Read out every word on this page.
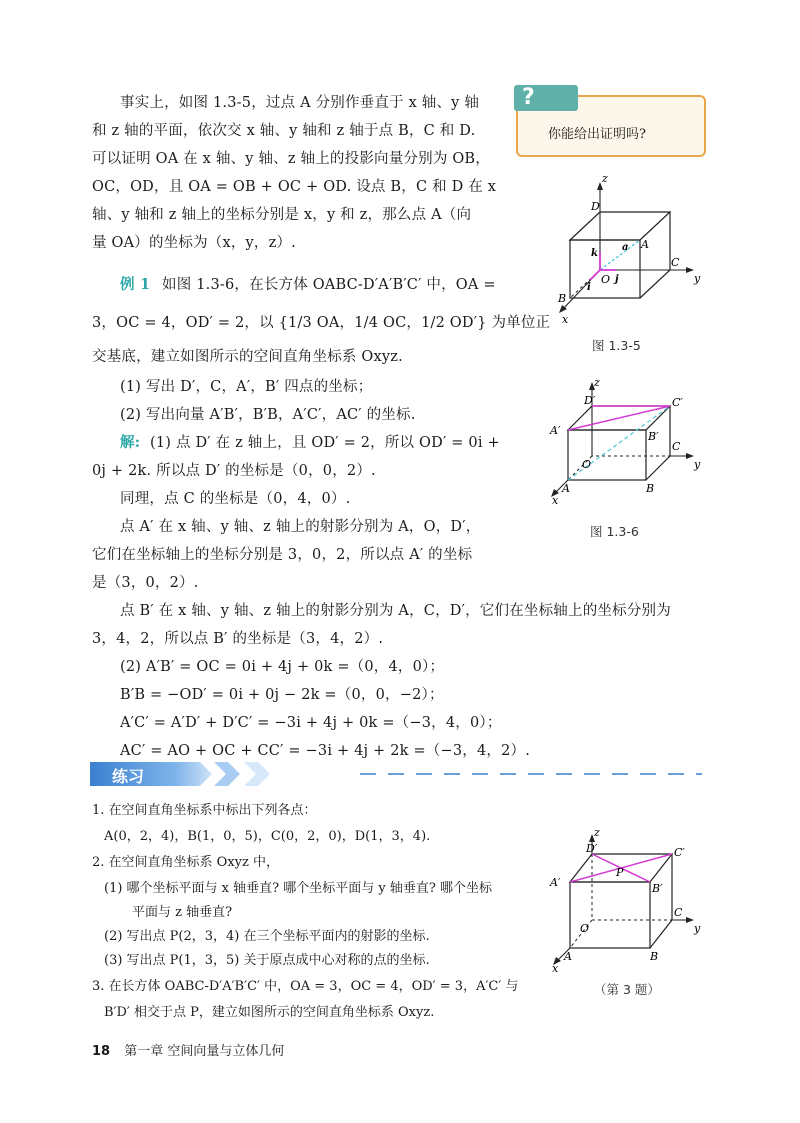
事实上，如图 1.3-5，过点 A 分别作垂直于 x 轴、y 轴
和 z 轴的平面，依次交 x 轴、y 轴和 z 轴于点 B，C 和 D.
可以证明 OA 在 x 轴、y 轴、z 轴上的投影向量分别为 OB，
OC，OD，且 OA = OB + OC + OD. 设点 B，C 和 D 在 x
轴、y 轴和 z 轴上的坐标分别是 x，y 和 z，那么点 A（向
量 OA）的坐标为（x，y，z）.
?
你能给出证明吗?
z
y
x
D
A
C
B
O
k
j
i
a
图 1.3-5
例 1 如图 1.3-6，在长方体 OABC-D′A′B′C′ 中，OA =
3，OC = 4，OD′ = 2，以 {1/3 OA，1/4 OC，1/2 OD′} 为单位正
交基底，建立如图所示的空间直角坐标系 Oxyz.
(1) 写出 D′，C，A′，B′ 四点的坐标；
(2) 写出向量 A′B′，B′B，A′C′，AC′ 的坐标.
z
y
x
D′
A′
C′
B′
C
O
A	B
图 1.3-6
解: (1) 点 D′ 在 z 轴上，且 OD′ = 2，所以 OD′ = 0i +
0j + 2k. 所以点 D′ 的坐标是（0，0，2）.
同理，点 C 的坐标是（0，4，0）.
点 A′ 在 x 轴、y 轴、z 轴上的射影分别为 A，O，D′，
它们在坐标轴上的坐标分别是 3，0，2，所以点 A′ 的坐标
是（3，0，2）.
点 B′ 在 x 轴、y 轴、z 轴上的射影分别为 A，C，D′，它们在坐标轴上的坐标分别为
3，4，2，所以点 B′ 的坐标是（3，4，2）.
(2) A′B′ = OC = 0i + 4j + 0k =（0，4，0）；
B′B = −OD′ = 0i + 0j − 2k =（0，0，−2）；
A′C′ = A′D′ + D′C′ = −3i + 4j + 0k =（−3，4，0）；
AC′ = AO + OC + CC′ = −3i + 4j + 2k =（−3，4，2）.
练习
1. 在空间直角坐标系中标出下列各点：
A(0，2，4)，B(1，0，5)，C(0，2，0)，D(1，3，4).
2. 在空间直角坐标系 Oxyz 中，
(1) 哪个坐标平面与 x 轴垂直? 哪个坐标平面与 y 轴垂直? 哪个坐标
平面与 z 轴垂直?
(2) 写出点 P(2，3，4) 在三个坐标平面内的射影的坐标.
(3) 写出点 P(1，3，5) 关于原点成中心对称的点的坐标.
3. 在长方体 OABC-D′A′B′C′ 中，OA = 3，OC = 4，OD′ = 3，A′C′ 与
B′D′ 相交于点 P，建立如图所示的空间直角坐标系 Oxyz.
z
y
x
D′
A′
C′
B′
P
C
O
A	B
（第 3 题）
18 第一章 空间向量与立体几何
